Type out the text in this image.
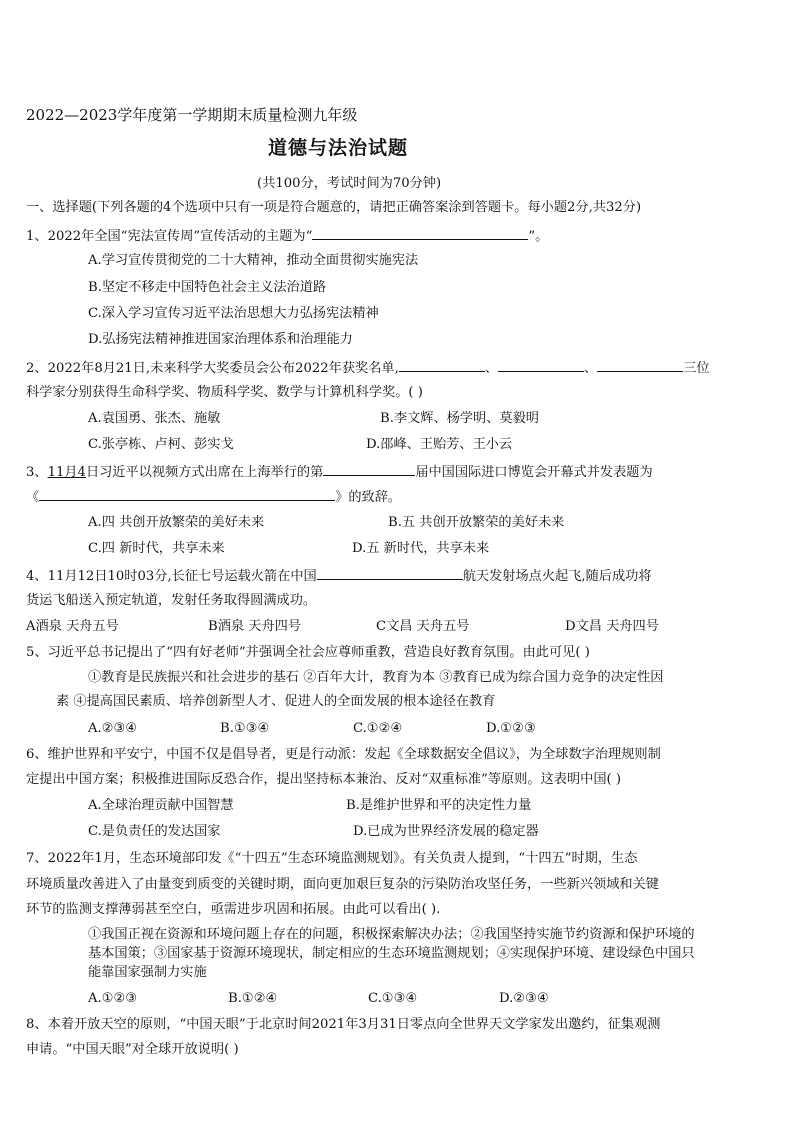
2022—2023学年度第一学期期末质量检测九年级
道德与法治试题
(共100分，考试时间为70分钟)
一、选择题(下列各题的4个选项中只有一项是符合题意的，请把正确答案涂到答题卡。每小题2分,共32分)
1、2022年全国“宪法宣传周”宣传活动的主题为“	”。
A.学习宣传贯彻党的二十大精神，推动全面贯彻实施宪法
B.坚定不移走中国特色社会主义法治道路
C.深入学习宣传习近平法治思想大力弘扬宪法精神
D.弘扬宪法精神推进国家治理体系和治理能力
2、2022年8月21日,未来科学大奖委员会公布2022年获奖名单,	、	、	三位
科学家分别获得生命科学奖、物质科学奖、数学与计算机科学奖。( )
A.袁国勇、张杰、施敏	B.李文辉、杨学明、莫毅明
C.张亭栋、卢柯、彭实戈	D.邵峰、王贻芳、王小云
3、11月4日习近平以视频方式出席在上海举行的第	届中国国际进口博览会开幕式并发表题为
《	》的致辞。
A.四 共创开放繁荣的美好未来	B.五 共创开放繁荣的美好未来
C.四 新时代，共享未来	D.五 新时代，共享未来
4、11月12日10时03分,长征七号运载火箭在中国	航天发射场点火起飞,随后成功将
货运飞船送入预定轨道，发射任务取得圆满成功。
A酒泉 天舟五号	B酒泉 天舟四号	C文昌 天舟五号	D文昌 天舟四号
5、习近平总书记提出了“四有好老师”并强调全社会应尊师重教，营造良好教育氛围。由此可见( )
①教育是民族振兴和社会进步的基石 ②百年大计，教育为本 ③教育已成为综合国力竞争的决定性因
素 ④提高国民素质、培养创新型人才、促进人的全面发展的根本途径在教育
A.②③④	B.①③④	C.①②④	D.①②③
6、维护世界和平安宁，中国不仅是倡导者，更是行动派：发起《全球数据安全倡议》，为全球数字治理规则制
定提出中国方案；积极推进国际反恐合作，提出坚持标本兼治、反对“双重标准”等原则。这表明中国( )
A.全球治理贡献中国智慧	B.是维护世界和平的决定性力量
C.是负责任的发达国家	D.已成为世界经济发展的稳定器
7、2022年1月，生态环境部印发《“十四五”生态环境监测规划》。有关负责人提到，“十四五”时期，生态
环境质量改善进入了由量变到质变的关键时期，面向更加艰巨复杂的污染防治攻坚任务，一些新兴领域和关键
环节的监测支撑薄弱甚至空白，亟需进步巩固和拓展。由此可以看出( ).
①我国正视在资源和环境问题上存在的问题，积极探索解决办法；②我国坚持实施节约资源和保护环境的
基本国策；③国家基于资源环境现状，制定相应的生态环境监测规划；④实现保护环境、建设绿色中国只
能靠国家强制力实施
A.①②③	B.①②④	C.①③④	D.②③④
8、本着开放天空的原则，“中国天眼”于北京时间2021年3月31日零点向全世界天文学家发出邀约，征集观测
申请。“中国天眼”对全球开放说明( )
